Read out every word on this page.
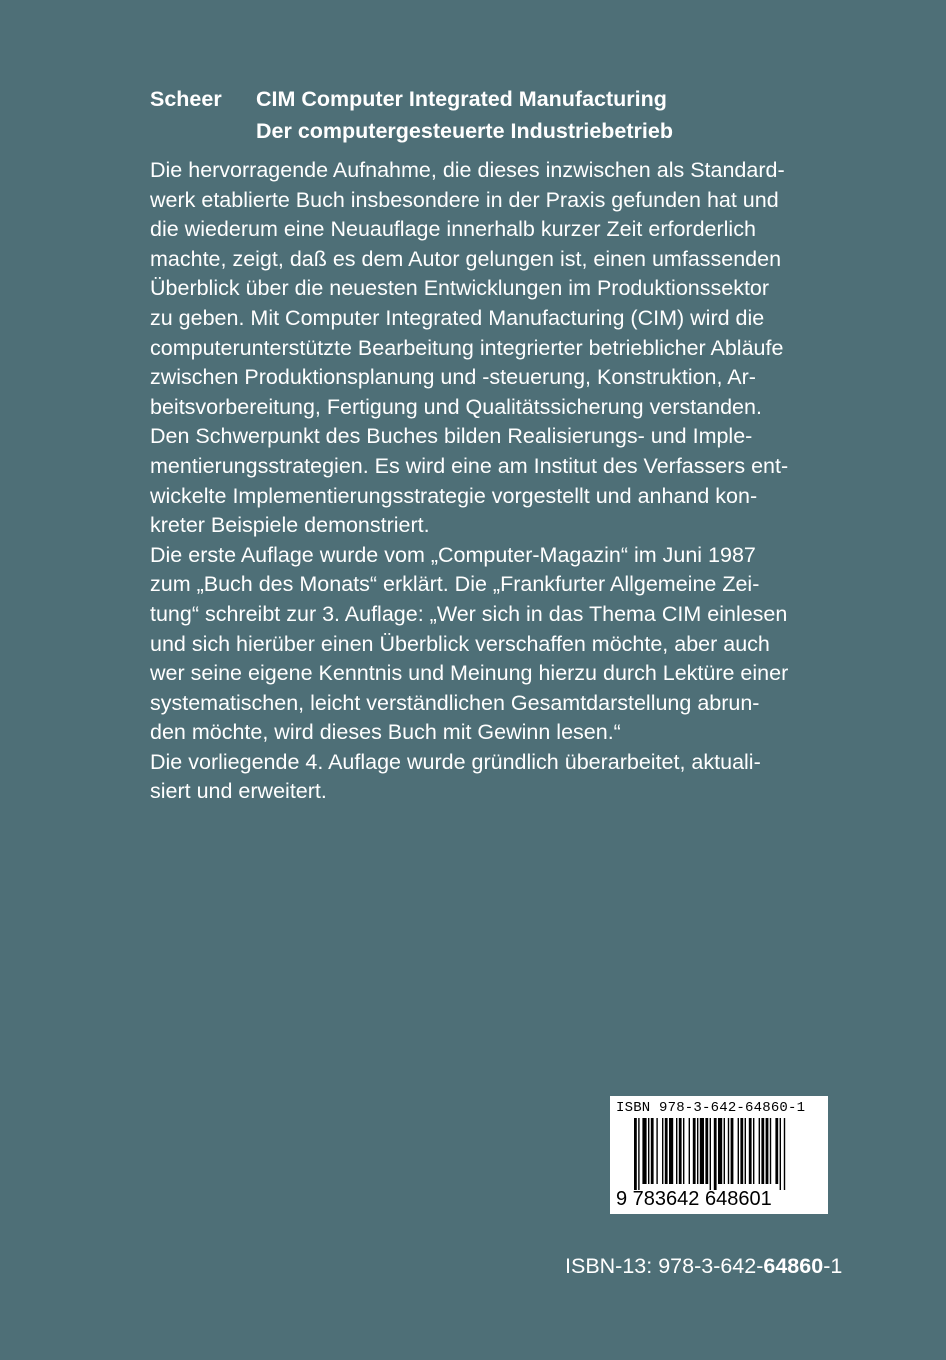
Scheer CIM Computer Integrated Manufacturing
Der computergesteuerte Industriebetrieb
Die hervorragende Aufnahme, die dieses inzwischen als Standard-
werk etablierte Buch insbesondere in der Praxis gefunden hat und
die wiederum eine Neuauflage innerhalb kurzer Zeit erforderlich
machte, zeigt, daß es dem Autor gelungen ist, einen umfassenden
Überblick über die neuesten Entwicklungen im Produktionssektor
zu geben. Mit Computer Integrated Manufacturing (CIM) wird die
computerunterstützte Bearbeitung integrierter betrieblicher Abläufe
zwischen Produktionsplanung und -steuerung, Konstruktion, Ar-
beitsvorbereitung, Fertigung und Qualitätssicherung verstanden.
Den Schwerpunkt des Buches bilden Realisierungs- und Imple-
mentierungsstrategien. Es wird eine am Institut des Verfassers ent-
wickelte Implementierungsstrategie vorgestellt und anhand kon-
kreter Beispiele demonstriert.
Die erste Auflage wurde vom „Computer-Magazin“ im Juni 1987
zum „Buch des Monats“ erklärt. Die „Frankfurter Allgemeine Zei-
tung“ schreibt zur 3. Auflage: „Wer sich in das Thema CIM einlesen
und sich hierüber einen Überblick verschaffen möchte, aber auch
wer seine eigene Kenntnis und Meinung hierzu durch Lektüre einer
systematischen, leicht verständlichen Gesamtdarstellung abrun-
den möchte, wird dieses Buch mit Gewinn lesen.“
Die vorliegende 4. Auflage wurde gründlich überarbeitet, aktuali-
siert und erweitert.
ISBN 978-3-642-64860-1
9 783642 648601
ISBN-13: 978-3-642-64860-1
